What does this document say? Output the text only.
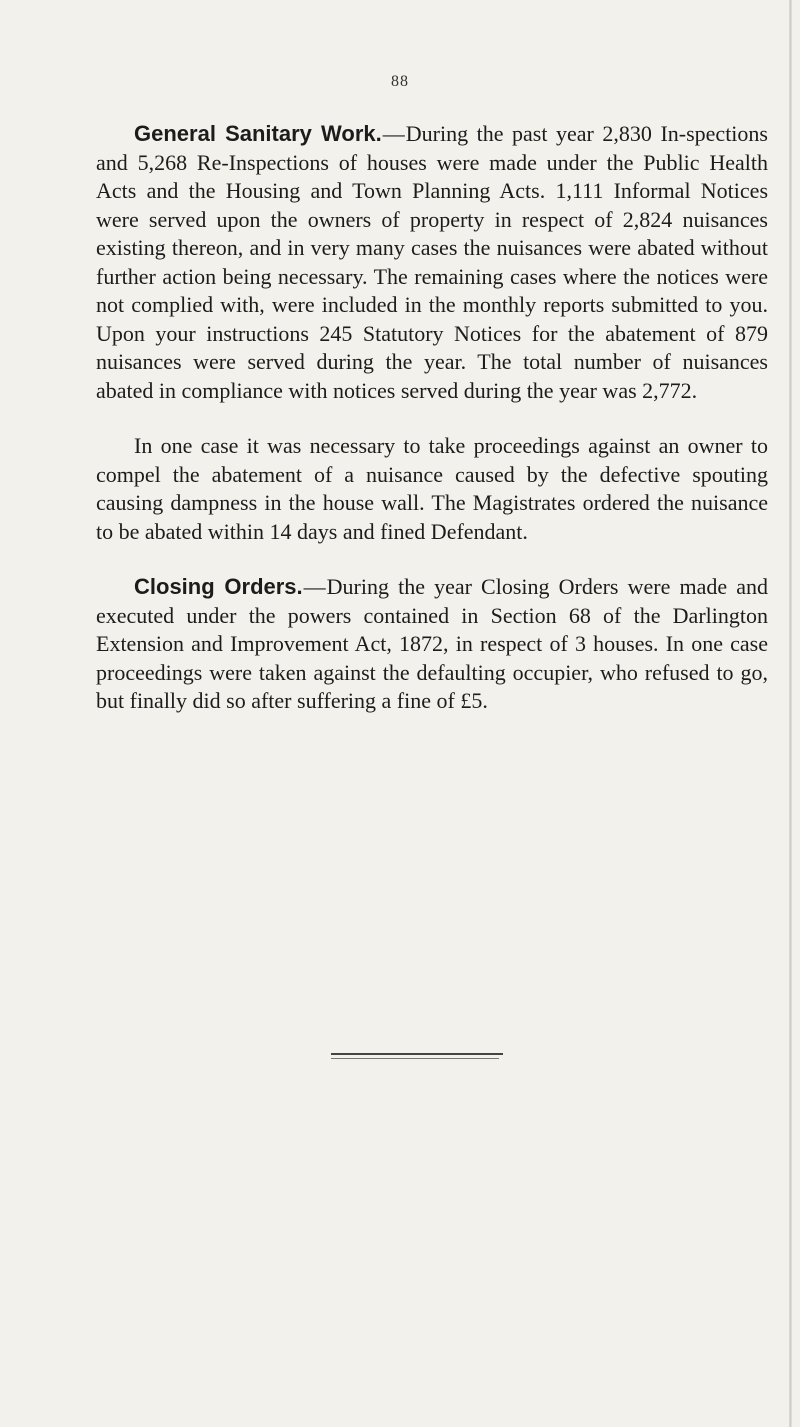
88

General Sanitary Work.—During the past year 2,830 In-spections and 5,268 Re-Inspections of houses were made under the Public Health Acts and the Housing and Town Planning Acts. 1,111 Informal Notices were served upon the owners of property in respect of 2,824 nuisances existing thereon, and in very many cases the nuisances were abated without further action being necessary. The remaining cases where the notices were not complied with, were included in the monthly reports submitted to you. Upon your instructions 245 Statutory Notices for the abatement of 879 nuisances were served during the year. The total number of nuisances abated in compliance with notices served during the year was 2,772.

In one case it was necessary to take proceedings against an owner to compel the abatement of a nuisance caused by the defective spouting causing dampness in the house wall. The Magistrates ordered the nuisance to be abated within 14 days and fined Defendant.

Closing Orders.—During the year Closing Orders were made and executed under the powers contained in Section 68 of the Darlington Extension and Improvement Act, 1872, in respect of 3 houses. In one case proceedings were taken against the defaulting occupier, who refused to go, but finally did so after suffering a fine of £5.
